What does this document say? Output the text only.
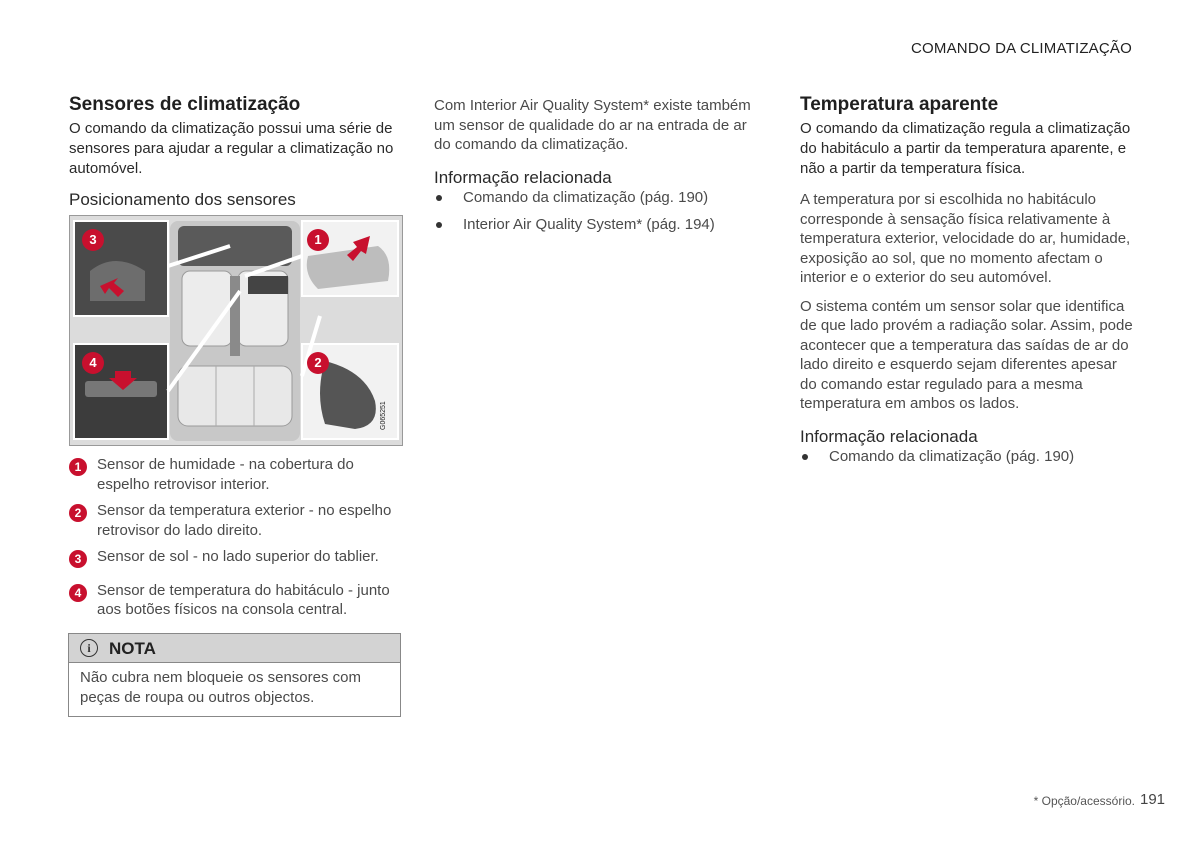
COMANDO DA CLIMATIZAÇÃO
Sensores de climatização

O comando da climatização possui uma série de sensores para ajudar a regular a climatização no automóvel.

Posicionamento dos sensores
G065251
3	1
4	2
1	Sensor de humidade - na cobertura do espelho retrovisor interior.
2	Sensor da temperatura exterior - no espelho retrovisor do lado direito.
3	Sensor de sol - no lado superior do tablier.
4	Sensor de temperatura do habitáculo - junto aos botões físicos na consola central.
i	NOTA
Não cubra nem bloqueie os sensores com peças de roupa ou outros objectos.

Com Interior Air Quality System* existe também um sensor de qualidade do ar na entrada de ar do comando da climatização.

Informação relacionada
Comando da climatização (pág. 190)
Interior Air Quality System* (pág. 194)
Temperatura aparente

O comando da climatização regula a climatização do habitáculo a partir da temperatura aparente, e não a partir da temperatura física.

A temperatura por si escolhida no habitáculo corresponde à sensação física relativamente à temperatura exterior, velocidade do ar, humidade, exposição ao sol, que no momento afectam o interior e o exterior do seu automóvel.

O sistema contém um sensor solar que identifica de que lado provém a radiação solar. Assim, pode acontecer que a temperatura das saídas de ar do lado direito e esquerdo sejam diferentes apesar do comando estar regulado para a mesma temperatura em ambos os lados.

Informação relacionada
Comando da climatização (pág. 190)
* Opção/acessório. 191
